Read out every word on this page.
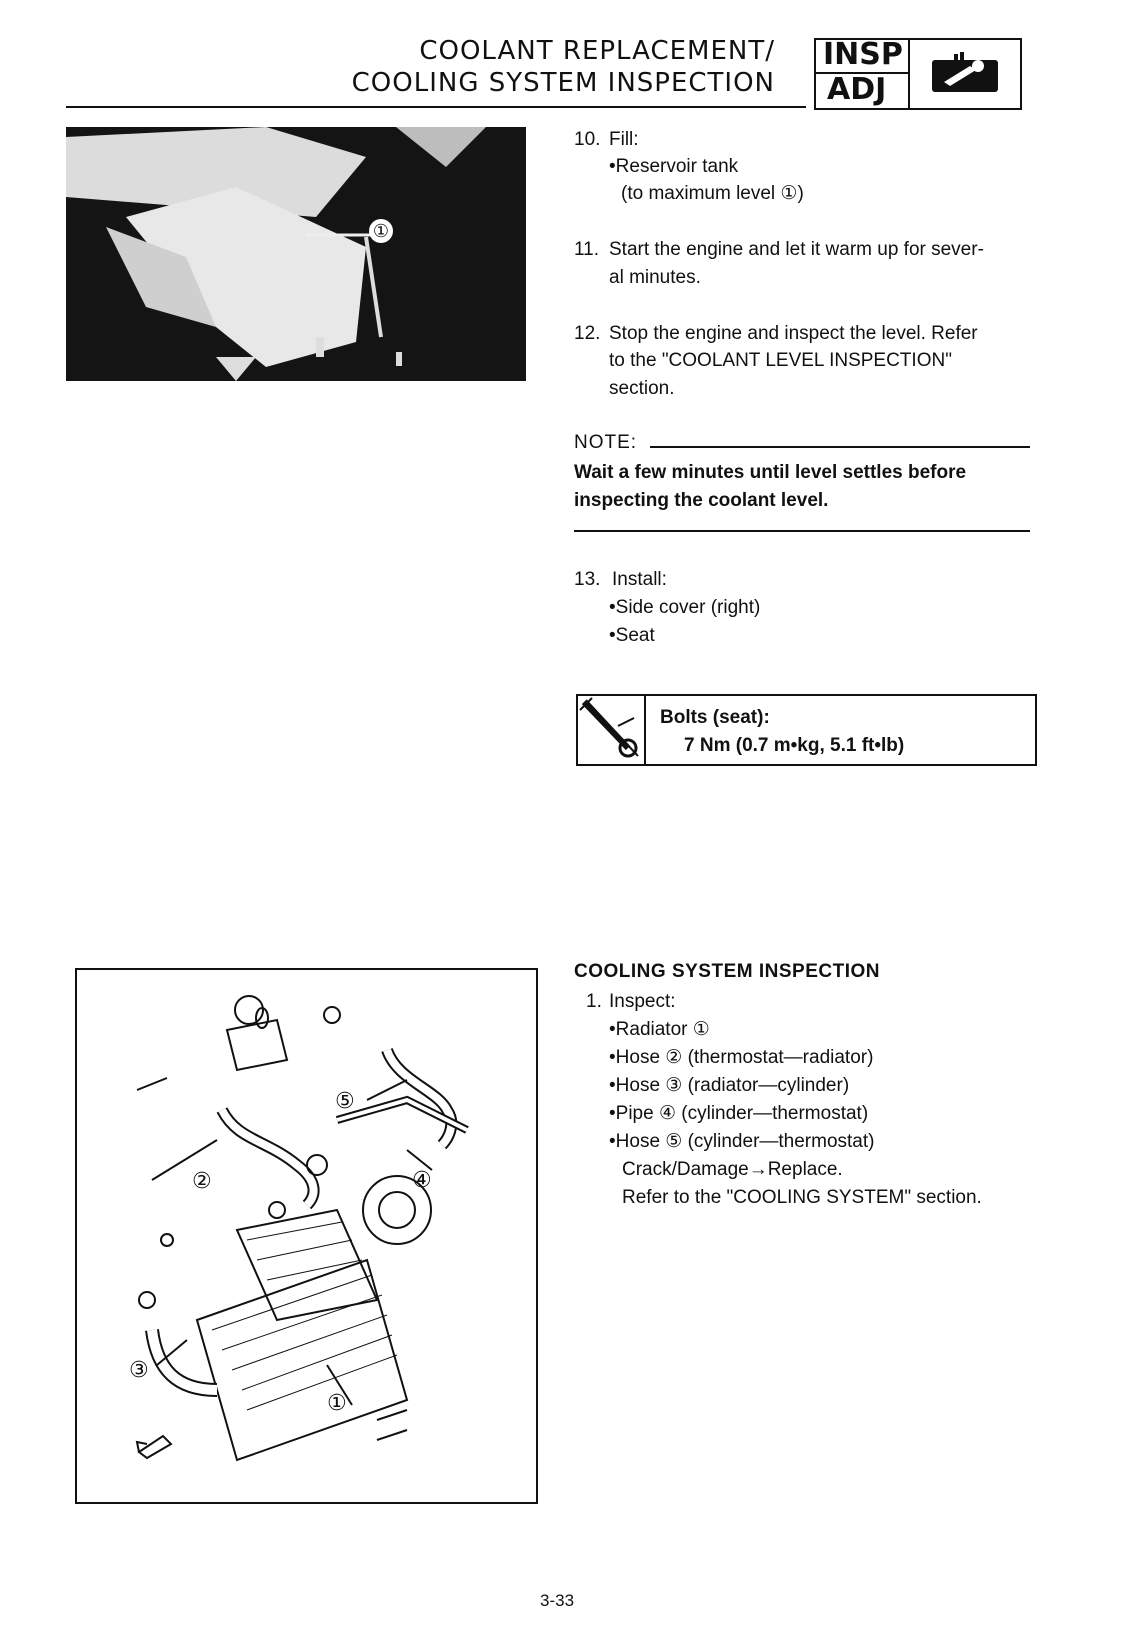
COOLANT REPLACEMENT/
COOLING SYSTEM INSPECTION
INSP
ADJ
①
10. Fill:
•Reservoir tank
(to maximum level ①)
11. Start the engine and let it warm up for sever-
al minutes.
12. Stop the engine and inspect the level. Refer
to the "COOLANT LEVEL INSPECTION"
section.
NOTE:
Wait a few minutes until level settles before
inspecting the coolant level.
13. Install:
•Side cover (right)
•Seat
Bolts (seat):
7 Nm (0.7 m•kg, 5.1 ft•lb)
COOLING SYSTEM INSPECTION
1. Inspect:
•Radiator ①
•Hose ② (thermostat—radiator)
•Hose ③ (radiator—cylinder)
•Pipe ④ (cylinder—thermostat)
•Hose ⑤ (cylinder—thermostat)
Crack/Damage→Replace.
Refer to the "COOLING SYSTEM" section.
②
⑤
④
③
①
3-33
